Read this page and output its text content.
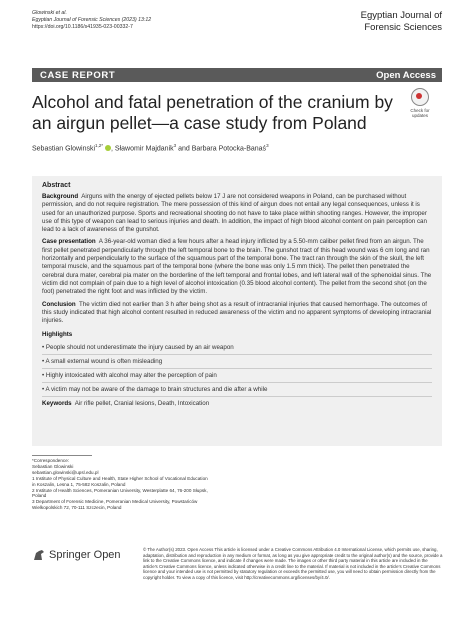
Glowinski et al.
Egyptian Journal of Forensic Sciences (2023) 13:12
https://doi.org/10.1186/s41935-023-00332-7
Egyptian Journal of
Forensic Sciences
CASE REPORT	Open Access
Alcohol and fatal penetration of the cranium by an airgun pellet—a case study from Poland
Check for
updates
Sebastian Glowinski$^{1,2*}$ , Sławomir Majdanik$^3$ and Barbara Potocka-Banaś$^3$
Abstract

Background Airguns with the energy of ejected pellets below 17 J are not considered weapons in Poland, can be purchased without permission, and do not require registration. The mere possession of this kind of airgun does not entail any legal consequences, unless it is used for an unauthorized purpose. Sports and recreational shooting do not have to take place within shooting ranges. However, the improper use of this type of weapon can lead to serious injuries and death. In addition, the impact of high blood alcohol content on pain perception can lead to a lack of awareness of the gunshot.

Case presentation A 36-year-old woman died a few hours after a head injury inflicted by a 5.50-mm caliber pellet fired from an airgun. The first pellet penetrated perpendicularly through the left temporal bone to the brain. The gunshot tract of this head wound was 6 cm long and ran horizontally and perpendicularly to the surface of the squamous part of the temporal bone. The tract ran through the skin of the skull, the left temporal muscle, and the squamous part of the temporal bone (where the bone was only 1.5 mm thick). The pellet then penetrated the cerebral dura mater, cerebral pia mater on the borderline of the left temporal and frontal lobes, and left lateral wall of the sphenoidal sinus. The victim did not complain of pain due to a high level of alcohol intoxication (0.35 blood alcohol content). The pellet from the second shot (on the foot) penetrated the right foot and was inflicted by the victim.

Conclusion The victim died not earlier than 3 h after being shot as a result of intracranial injuries that caused hemorrhage. The outcomes of this study indicated that high alcohol content resulted in reduced awareness of the victim and no apparent symptoms of developing intracranial injuries.

Highlights

• People should not underestimate the injury caused by an air weapon
• A small external wound is often misleading
• Highly intoxicated with alcohol may alter the perception of pain
• A victim may not be aware of the damage to brain structures and die after a while

Keywords Air rifle pellet, Cranial lesions, Death, Intoxication

*Correspondence:
Sebastian Glowinski
sebastian.glowinski@upsl.edu.pl
1 Institute of Physical Culture and Health, State Higher School of Vocational Education in Koszalin, Lesna 1, 75-582 Koszalin, Poland
2 Institute of Health Sciences, Pomeranian University, Westerplatte 64, 76-200 Słupsk, Poland
3 Department of Forensic Medicine, Pomeranian Medical University, Powstańców Wielkopolskich 72, 70-111 Szczecin, Poland
Springer Open	© The Author(s) 2023. Open Access This article is licensed under a Creative Commons Attribution 4.0 International License, which permits use, sharing, adaptation, distribution and reproduction in any medium or format, as long as you give appropriate credit to the original author(s) and the source, provide a link to the Creative Commons licence, and indicate if changes were made. The images or other third party material in this article are included in the article's Creative Commons licence, unless indicated otherwise in a credit line to the material. If material is not included in the article's Creative Commons licence and your intended use is not permitted by statutory regulation or exceeds the permitted use, you will need to obtain permission directly from the copyright holder. To view a copy of this licence, visit http://creativecommons.org/licenses/by/4.0/.
